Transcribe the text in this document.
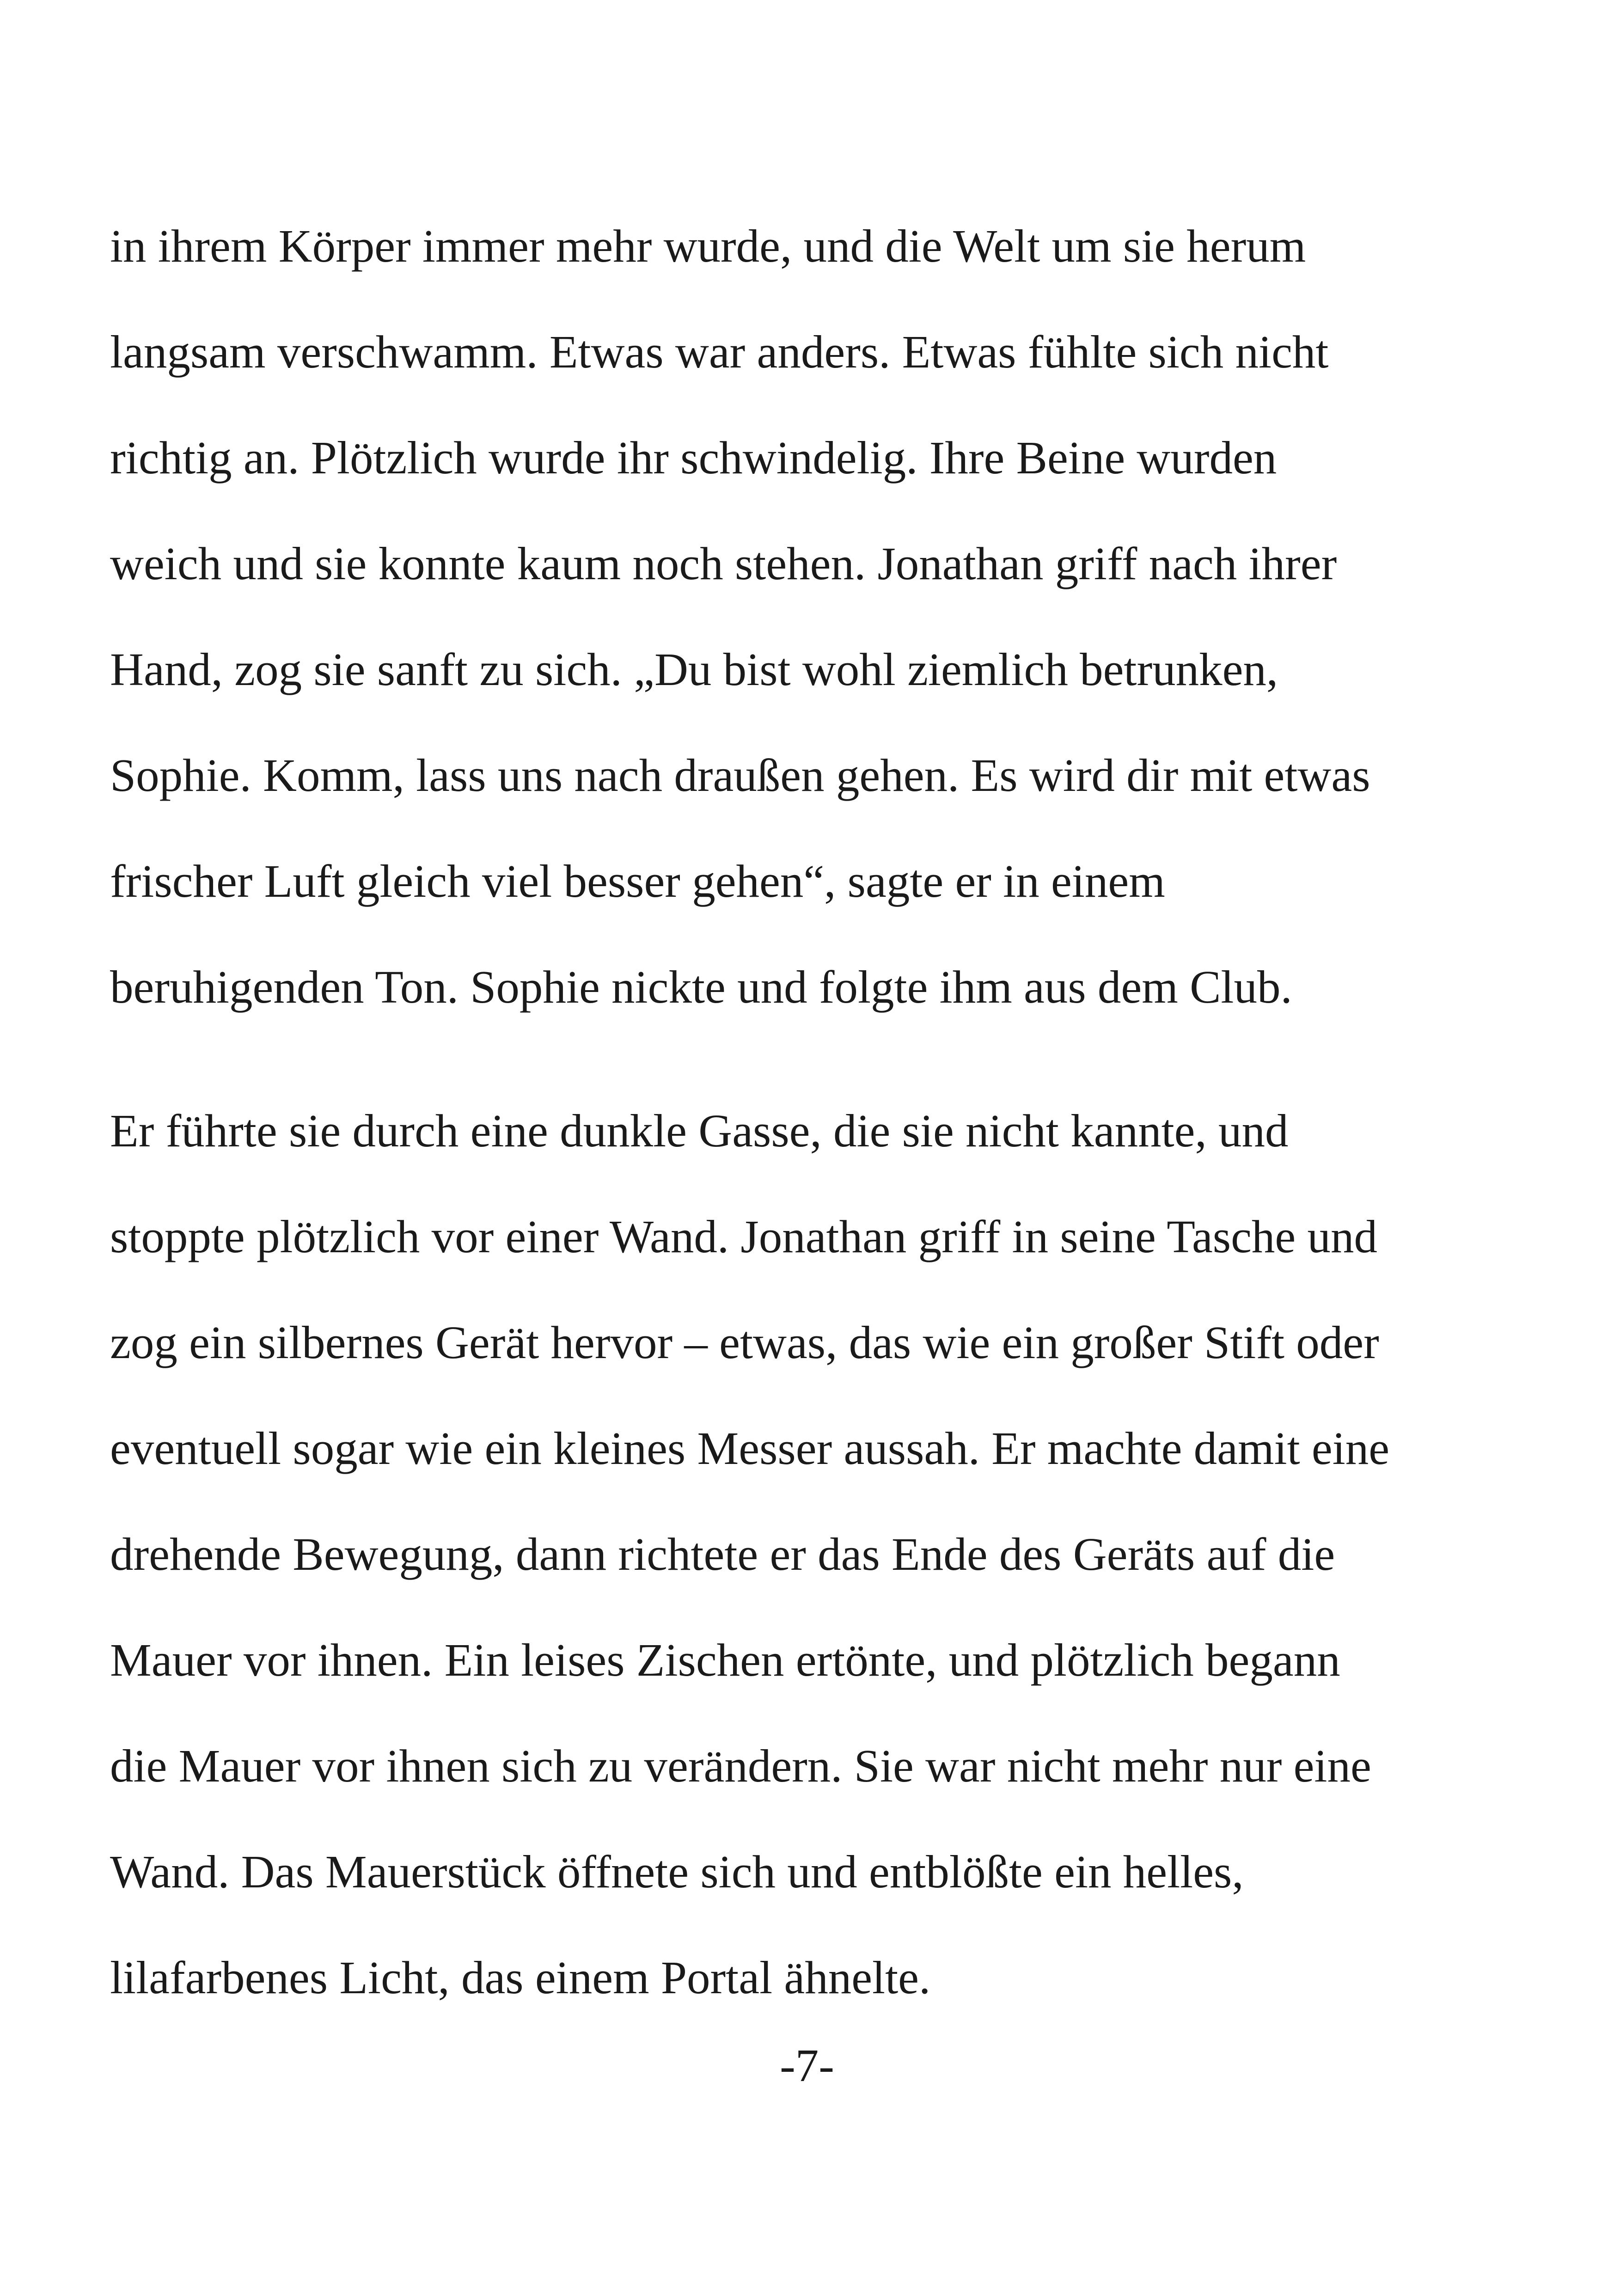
in ihrem Körper immer mehr wurde, und die Welt um sie herum
langsam verschwamm. Etwas war anders. Etwas fühlte sich nicht
richtig an. Plötzlich wurde ihr schwindelig. Ihre Beine wurden
weich und sie konnte kaum noch stehen. Jonathan griff nach ihrer
Hand, zog sie sanft zu sich. „Du bist wohl ziemlich betrunken,
Sophie. Komm, lass uns nach draußen gehen. Es wird dir mit etwas
frischer Luft gleich viel besser gehen“, sagte er in einem
beruhigenden Ton. Sophie nickte und folgte ihm aus dem Club.

Er führte sie durch eine dunkle Gasse, die sie nicht kannte, und
stoppte plötzlich vor einer Wand. Jonathan griff in seine Tasche und
zog ein silbernes Gerät hervor – etwas, das wie ein großer Stift oder
eventuell sogar wie ein kleines Messer aussah. Er machte damit eine
drehende Bewegung, dann richtete er das Ende des Geräts auf die
Mauer vor ihnen. Ein leises Zischen ertönte, und plötzlich begann
die Mauer vor ihnen sich zu verändern. Sie war nicht mehr nur eine
Wand. Das Mauerstück öffnete sich und entblößte ein helles,
lilafarbenes Licht, das einem Portal ähnelte.

-7-
